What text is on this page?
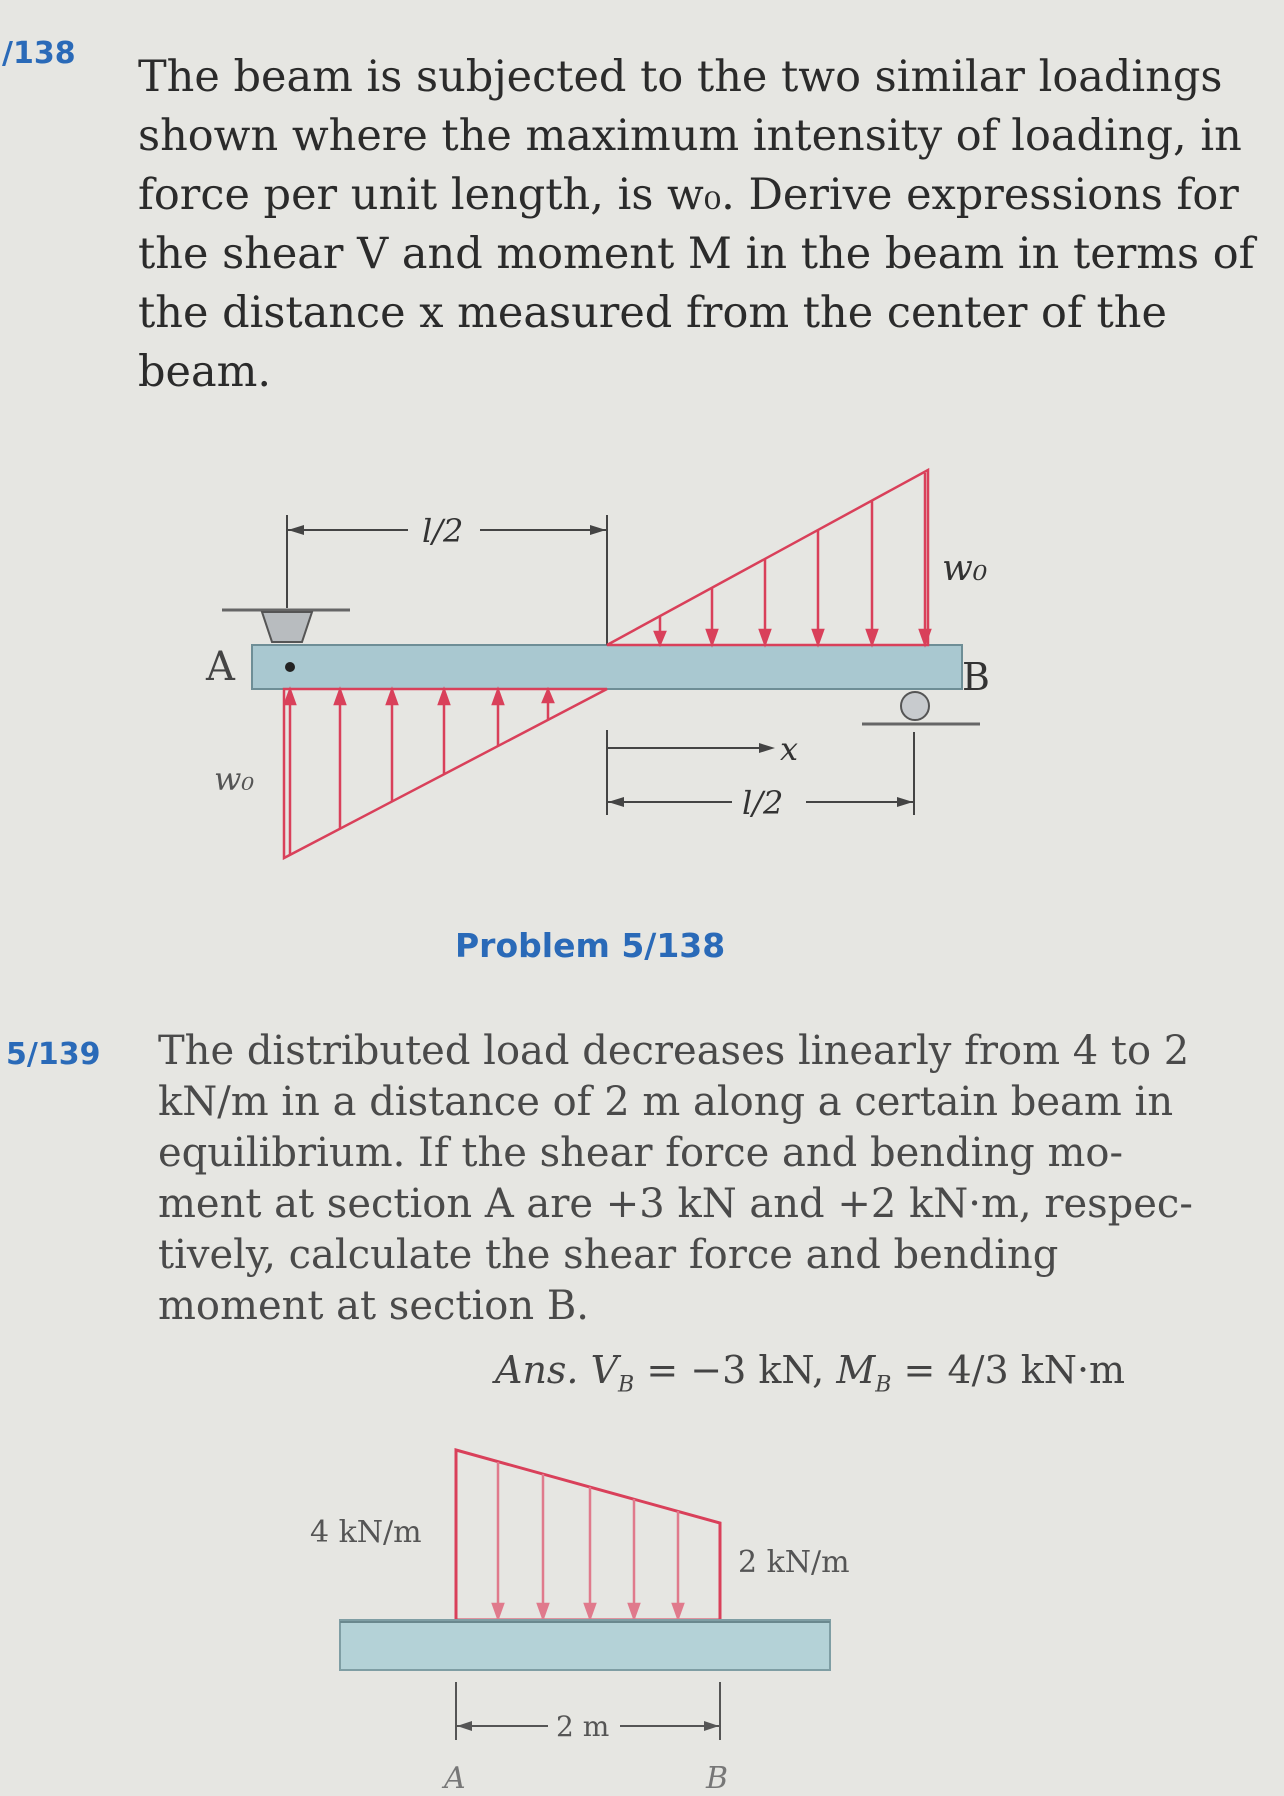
/138 The beam is subjected to the two similar loadings
shown where the maximum intensity of loading, in
force per unit length, is w₀. Derive expressions for
the shear V and moment M in the beam in terms of
the distance x measured from the center of the
beam.
l/2
A	B
w₀
w₀
x
l/2
Problem 5/138
5/139 The distributed load decreases linearly from 4 to 2
kN/m in a distance of 2 m along a certain beam in
equilibrium. If the shear force and bending mo-
ment at section A are +3 kN and +2 kN·m, respec-
tively, calculate the shear force and bending
moment at section B.
Ans. $V_B = -3$ kN, $M_B = 4/3$ kN·m
4 kN/m
2 kN/m
2 m
A	B
